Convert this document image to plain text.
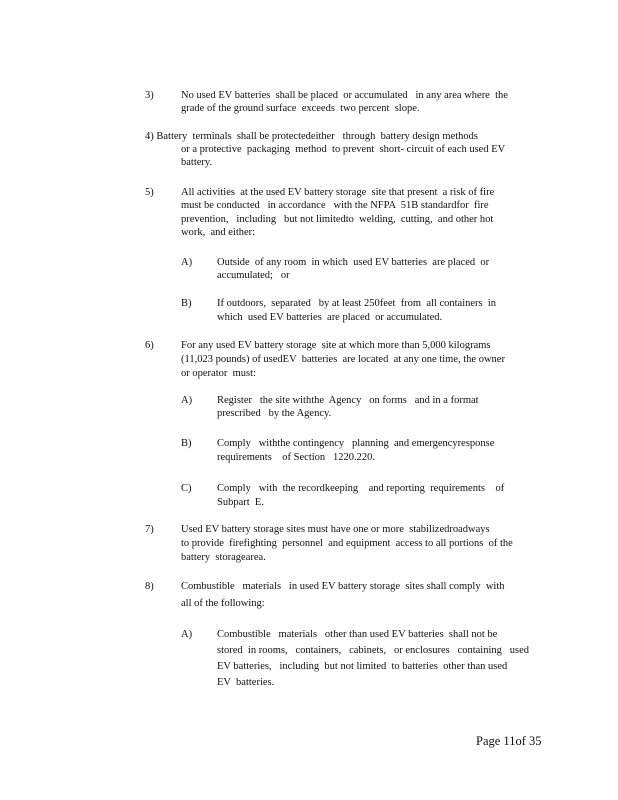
3)	No used EV batteries  shall be placed  or accumulated   in any area where  the
grade of the ground surface  exceeds  two percent  slope.
4) Battery  terminals  shall be protectedeither   through  battery design methods
or a protective  packaging  method  to prevent  short- circuit of each used EV
battery.
5)	All activities  at the used EV battery storage  site that present  a risk of fire
must be conducted   in accordance   with the NFPA  51B standardfor  fire
prevention,   including   but not limitedto  welding,  cutting,  and other hot
work,  and either:
A) Outside  of any room  in which  used EV batteries  are placed  or
accumulated;   or
B) If outdoors,  separated   by at least 250feet  from  all containers  in
which  used EV batteries  are placed  or accumulated.
6)	For any used EV battery storage  site at which more than 5,000 kilograms
(11,023 pounds) of usedEV  batteries  are located  at any one time, the owner
or operator  must:
A) Register   the site withthe  Agency   on forms   and in a format
prescribed   by the Agency.
B) Comply   withthe contingency   planning  and emergencyresponse
requirements    of Section   1220.220.
C) Comply   with  the recordkeeping    and reporting  requirements    of
Subpart  E.
7)	Used EV battery storage sites must have one or more  stabilizedroadways
to provide  firefighting  personnel  and equipment  access to all portions  of the
battery  storagearea.
8)	Combustible   materials   in used EV battery storage  sites shall comply  with
all of the following:
A) Combustible   materials   other than used EV batteries  shall not be
stored  in rooms,   containers,   cabinets,   or enclosures   containing   used
EV batteries,   including  but not limited  to batteries  other than used
EV  batteries.
Page 11of 35
